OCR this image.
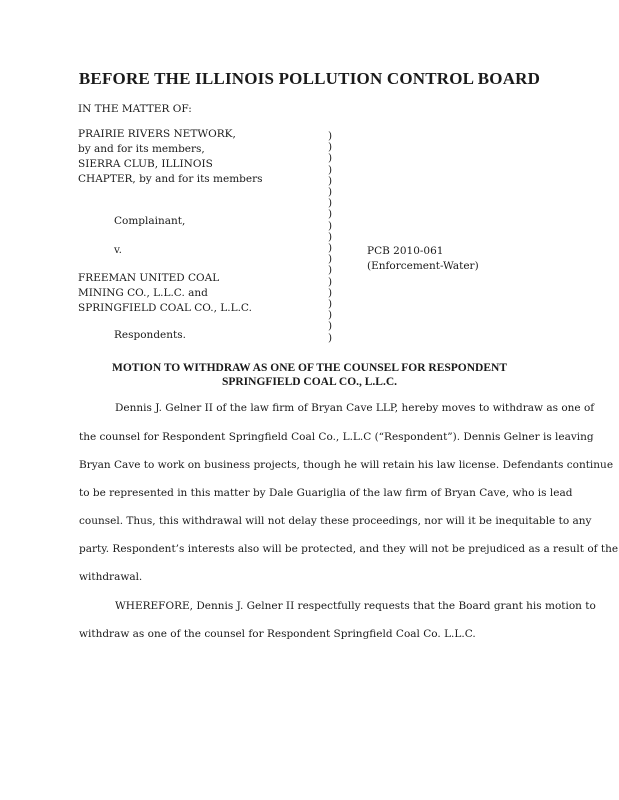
BEFORE THE ILLINOIS POLLUTION CONTROL BOARD
IN THE MATTER OF:
PRAIRIE RIVERS NETWORK,
by and for its members,
SIERRA CLUB, ILLINOIS
CHAPTER, by and for its members
Complainant,
v.
FREEMAN UNITED COAL
MINING CO., L.L.C. and
SPRINGFIELD COAL CO., L.L.C.
Respondents.
)
)
)
)
)
)
)
)
)
)
)
)
)
)
)
)
)
)
)
PCB 2010-061
(Enforcement-Water)
MOTION TO WITHDRAW AS ONE OF THE COUNSEL FOR RESPONDENT
SPRINGFIELD COAL CO., L.L.C.
Dennis J. Gelner II of the law firm of Bryan Cave LLP, hereby moves to withdraw as one of
the counsel for Respondent Springfield Coal Co., L.L.C (“Respondent”). Dennis Gelner is leaving
Bryan Cave to work on business projects, though he will retain his law license. Defendants continue
to be represented in this matter by Dale Guariglia of the law firm of Bryan Cave, who is lead
counsel. Thus, this withdrawal will not delay these proceedings, nor will it be inequitable to any
party. Respondent’s interests also will be protected, and they will not be prejudiced as a result of the
withdrawal.
WHEREFORE, Dennis J. Gelner II respectfully requests that the Board grant his motion to
withdraw as one of the counsel for Respondent Springfield Coal Co. L.L.C.
